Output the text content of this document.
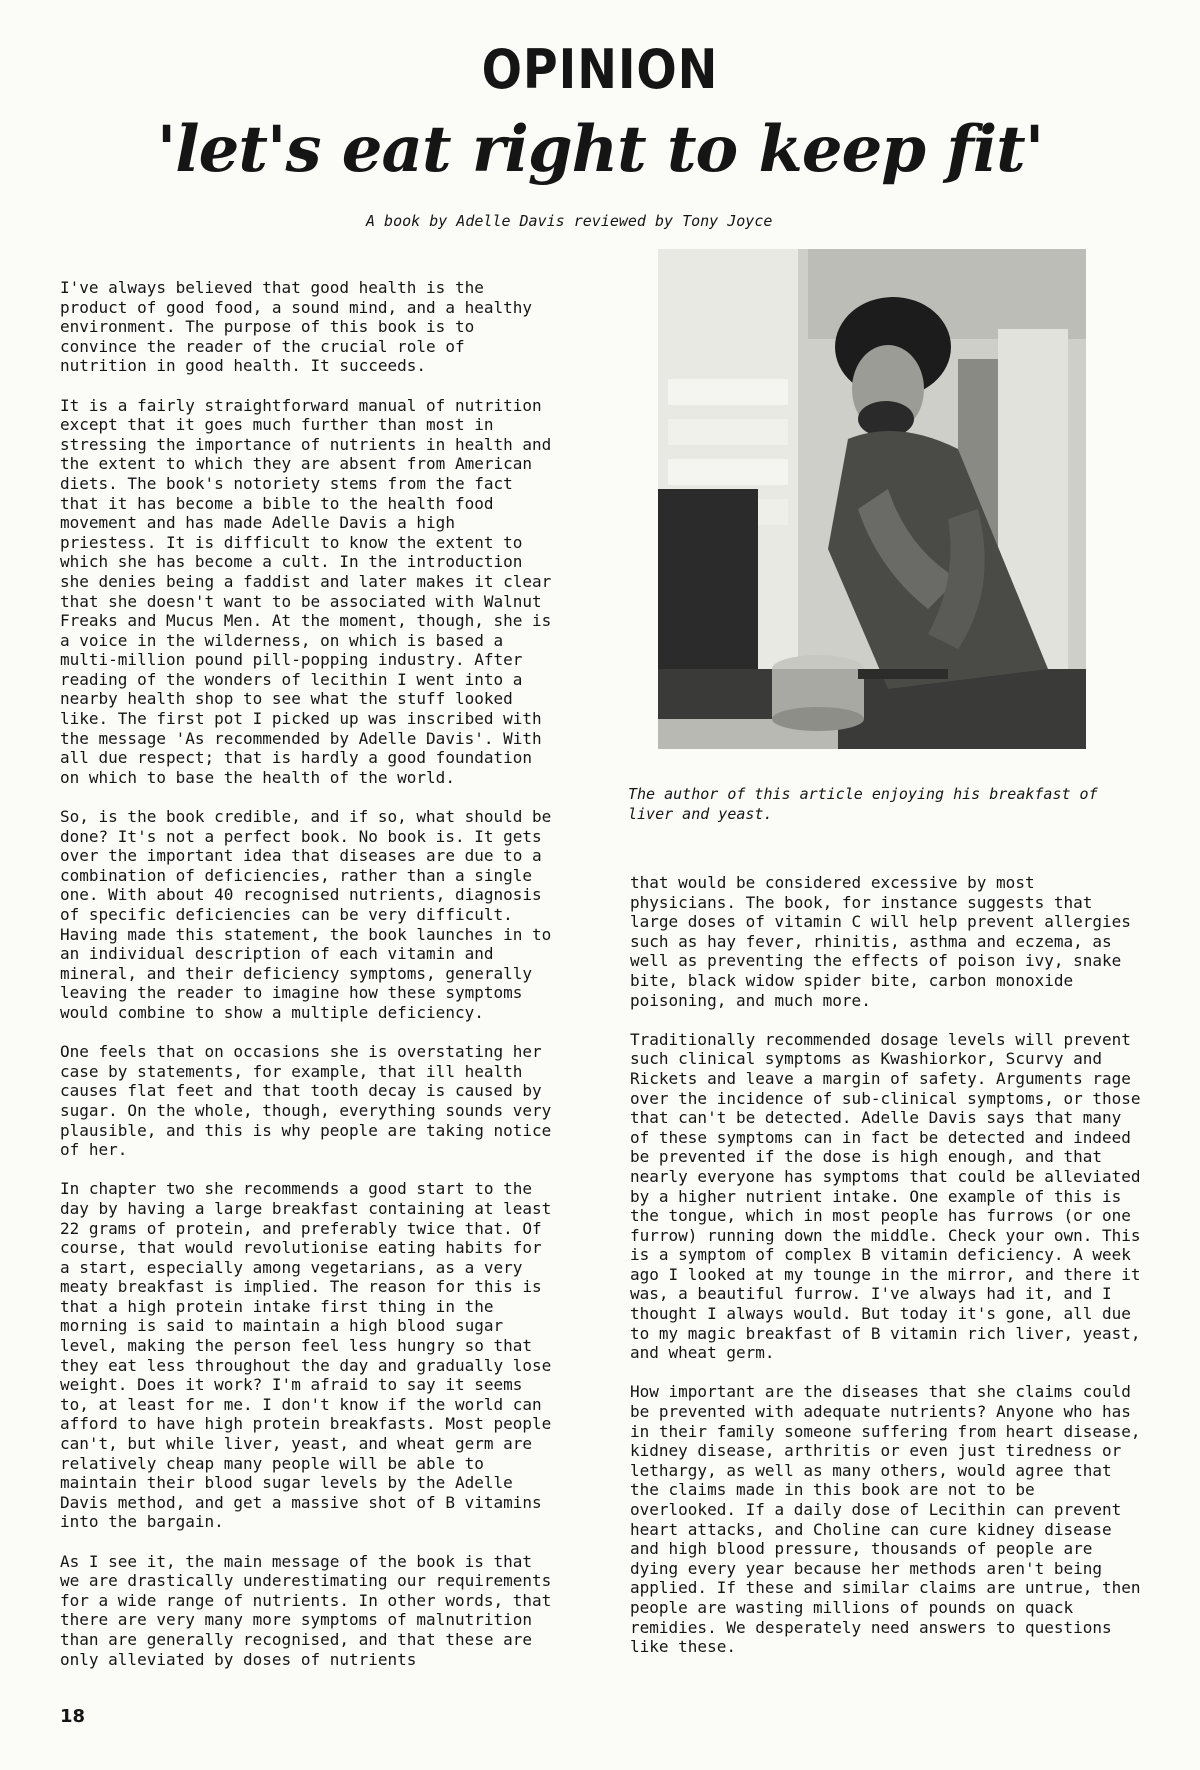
OPINION
'let's eat right to keep fit'
A book by Adelle Davis reviewed by Tony Joyce

I've always believed that good health is the product of good food, a sound mind, and a healthy environment. The purpose of this book is to convince the reader of the crucial role of nutrition in good health. It succeeds.

It is a fairly straightforward manual of nutrition except that it goes much further than most in stressing the importance of nutrients in health and the extent to which they are absent from American diets. The book's notoriety stems from the fact that it has become a bible to the health food movement and has made Adelle Davis a high priestess. It is difficult to know the extent to which she has become a cult. In the introduction she denies being a faddist and later makes it clear that she doesn't want to be associated with Walnut Freaks and Mucus Men. At the moment, though, she is a voice in the wilderness, on which is based a multi-million pound pill-popping industry. After reading of the wonders of lecithin I went into a nearby health shop to see what the stuff looked like. The first pot I picked up was inscribed with the message 'As recommended by Adelle Davis'. With all due respect; that is hardly a good foundation on which to base the health of the world.

So, is the book credible, and if so, what should be done? It's not a perfect book. No book is. It gets over the important idea that diseases are due to a combination of deficiencies, rather than a single one. With about 40 recognised nutrients, diagnosis of specific deficiencies can be very difficult. Having made this statement, the book launches in to an individual description of each vitamin and mineral, and their deficiency symptoms, generally leaving the reader to imagine how these symptoms would combine to show a multiple deficiency.

One feels that on occasions she is overstating her case by statements, for example, that ill health causes flat feet and that tooth decay is caused by sugar. On the whole, though, everything sounds very plausible, and this is why people are taking notice of her.

In chapter two she recommends a good start to the day by having a large breakfast containing at least 22 grams of protein, and preferably twice that. Of course, that would revolutionise eating habits for a start, especially among vegetarians, as a very meaty breakfast is implied. The reason for this is that a high protein intake first thing in the morning is said to maintain a high blood sugar level, making the person feel less hungry so that they eat less throughout the day and gradually lose weight. Does it work? I'm afraid to say it seems to, at least for me. I don't know if the world can afford to have high protein breakfasts. Most people can't, but while liver, yeast, and wheat germ are relatively cheap many people will be able to maintain their blood sugar levels by the Adelle Davis method, and get a massive shot of B vitamins into the bargain.

As I see it, the main message of the book is that we are drastically underestimating our requirements for a wide range of nutrients. In other words, that there are very many more symptoms of malnutrition than are generally recognised, and that these are only alleviated by doses of nutrients

The author of this article enjoying his breakfast of liver and yeast.

that would be considered excessive by most physicians. The book, for instance suggests that large doses of vitamin C will help prevent allergies such as hay fever, rhinitis, asthma and eczema, as well as preventing the effects of poison ivy, snake bite, black widow spider bite, carbon monoxide poisoning, and much more.

Traditionally recommended dosage levels will prevent such clinical symptoms as Kwashiorkor, Scurvy and Rickets and leave a margin of safety. Arguments rage over the incidence of sub-clinical symptoms, or those that can't be detected. Adelle Davis says that many of these symptoms can in fact be detected and indeed be prevented if the dose is high enough, and that nearly everyone has symptoms that could be alleviated by a higher nutrient intake. One example of this is the tongue, which in most people has furrows (or one furrow) running down the middle. Check your own. This is a symptom of complex B vitamin deficiency. A week ago I looked at my tounge in the mirror, and there it was, a beautiful furrow. I've always had it, and I thought I always would. But today it's gone, all due to my magic breakfast of B vitamin rich liver, yeast, and wheat germ.

How important are the diseases that she claims could be prevented with adequate nutrients? Anyone who has in their family someone suffering from heart disease, kidney disease, arthritis or even just tiredness or lethargy, as well as many others, would agree that the claims made in this book are not to be overlooked. If a daily dose of Lecithin can prevent heart attacks, and Choline can cure kidney disease and high blood pressure, thousands of people are dying every year because her methods aren't being applied. If these and similar claims are untrue, then people are wasting millions of pounds on quack remidies. We desperately need answers to questions like these.

18
